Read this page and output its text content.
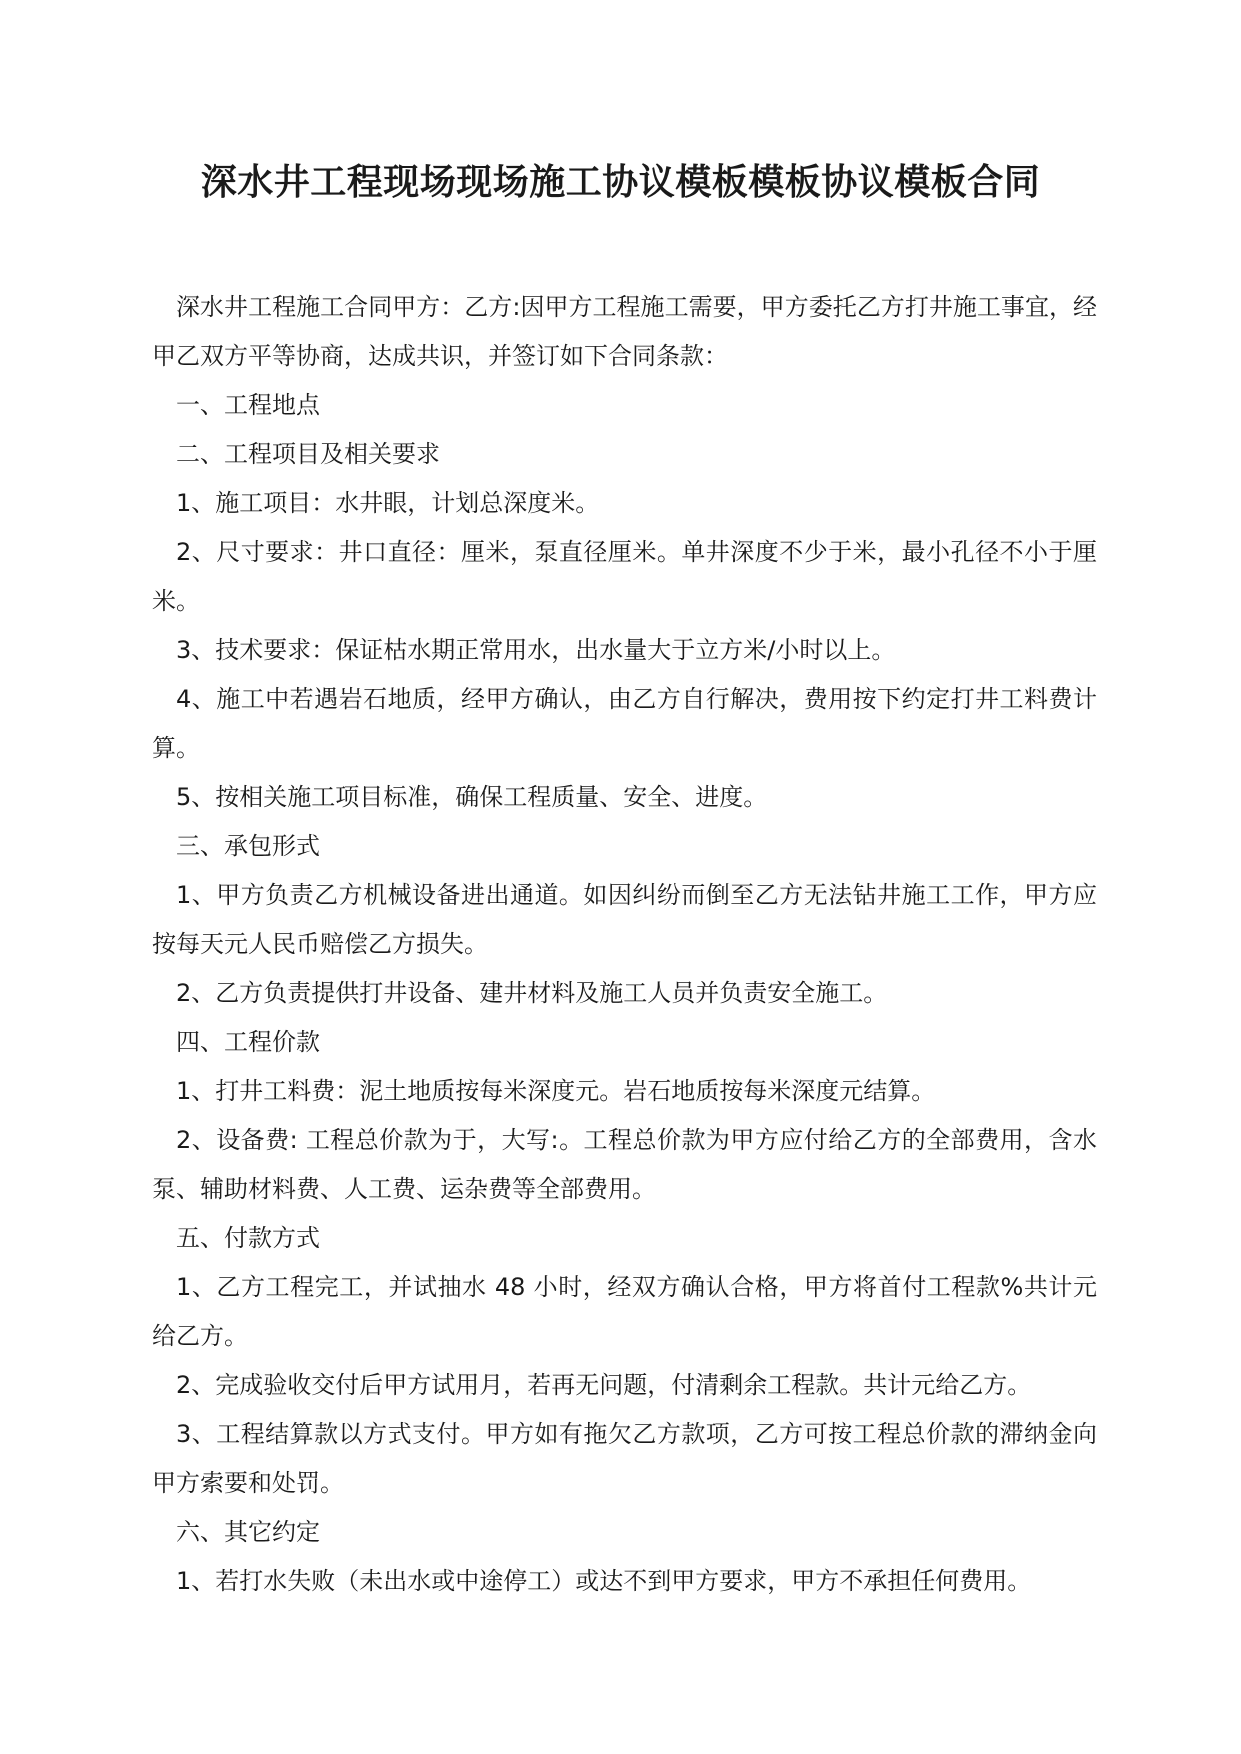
深水井工程现场现场施工协议模板模板协议模板合同

深水井工程施工合同甲方：乙方:因甲方工程施工需要，甲方委托乙方打井施工事宜，经甲乙双方平等协商，达成共识，并签订如下合同条款：

一、工程地点

二、工程项目及相关要求

1、施工项目：水井眼，计划总深度米。

2、尺寸要求：井口直径：厘米，泵直径厘米。单井深度不少于米，最小孔径不小于厘米。

3、技术要求：保证枯水期正常用水，出水量大于立方米/小时以上。

4、施工中若遇岩石地质，经甲方确认，由乙方自行解决，费用按下约定打井工料费计算。

5、按相关施工项目标准，确保工程质量、安全、进度。

三、承包形式

1、甲方负责乙方机械设备进出通道。如因纠纷而倒至乙方无法钻井施工工作，甲方应按每天元人民币赔偿乙方损失。

2、乙方负责提供打井设备、建井材料及施工人员并负责安全施工。

四、工程价款

1、打井工料费：泥土地质按每米深度元。岩石地质按每米深度元结算。

2、设备费: 工程总价款为于，大写:。工程总价款为甲方应付给乙方的全部费用，含水泵、辅助材料费、人工费、运杂费等全部费用。

五、付款方式

1、乙方工程完工，并试抽水 48 小时，经双方确认合格，甲方将首付工程款%共计元给乙方。

2、完成验收交付后甲方试用月，若再无问题，付清剩余工程款。共计元给乙方。

3、工程结算款以方式支付。甲方如有拖欠乙方款项，乙方可按工程总价款的滞纳金向甲方索要和处罚。

六、其它约定

1、若打水失败（未出水或中途停工）或达不到甲方要求，甲方不承担任何费用。
